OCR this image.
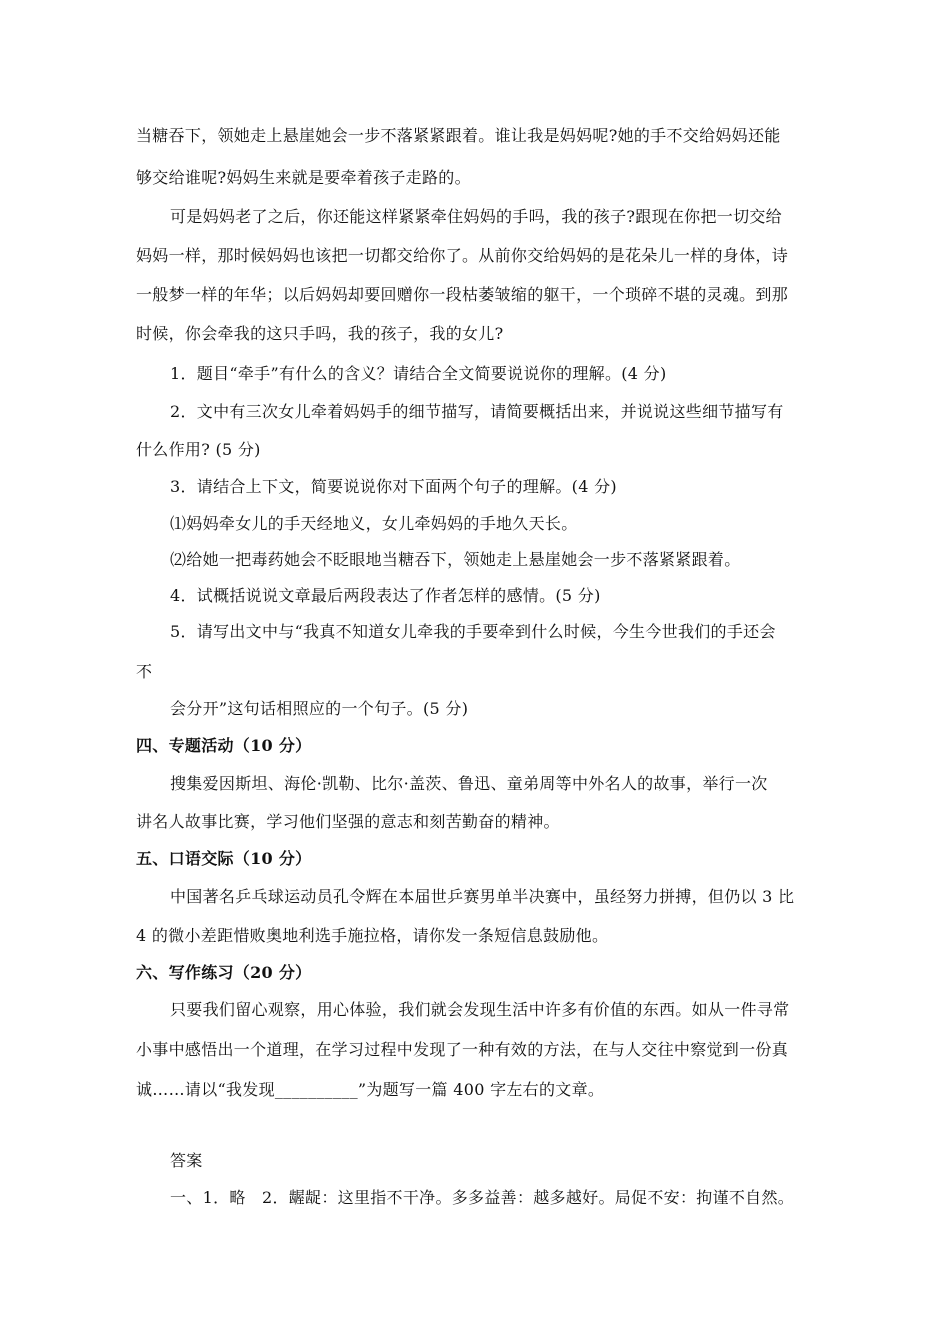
当糖吞下，领她走上悬崖她会一步不落紧紧跟着。谁让我是妈妈呢?她的手不交给妈妈还能
够交给谁呢?妈妈生来就是要牵着孩子走路的。
可是妈妈老了之后，你还能这样紧紧牵住妈妈的手吗，我的孩子?跟现在你把一切交给
妈妈一样，那时候妈妈也该把一切都交给你了。从前你交给妈妈的是花朵儿一样的身体，诗
一般梦一样的年华；以后妈妈却要回赠你一段枯萎皱缩的躯干，一个琐碎不堪的灵魂。到那
时候，你会牵我的这只手吗，我的孩子，我的女儿?
1．题目“牵手”有什么的含义？请结合全文简要说说你的理解。(4 分)
2．文中有三次女儿牵着妈妈手的细节描写，请简要概括出来，并说说这些细节描写有
什么作用? (5 分)
3．请结合上下文，简要说说你对下面两个句子的理解。(4 分)
⑴妈妈牵女儿的手天经地义，女儿牵妈妈的手地久天长。
⑵给她一把毒药她会不眨眼地当糖吞下，领她走上悬崖她会一步不落紧紧跟着。
4．试概括说说文章最后两段表达了作者怎样的感情。(5 分)
5．请写出文中与“我真不知道女儿牵我的手要牵到什么时候，今生今世我们的手还会
不
会分开”这句话相照应的一个句子。(5 分)
四、专题活动（10 分）
搜集爱因斯坦、海伦·凯勒、比尔·盖茨、鲁迅、童弟周等中外名人的故事，举行一次
讲名人故事比赛，学习他们坚强的意志和刻苦勤奋的精神。
五、口语交际（10 分）
中国著名乒乓球运动员孔令辉在本届世乒赛男单半决赛中，虽经努力拼搏，但仍以 3 比
4 的微小差距惜败奥地利选手施拉格，请你发一条短信息鼓励他。
六、写作练习（20 分）
只要我们留心观察，用心体验，我们就会发现生活中许多有价值的东西。如从一件寻常
小事中感悟出一个道理，在学习过程中发现了一种有效的方法，在与人交往中察觉到一份真
诚……请以“我发现__________”为题写一篇 400 字左右的文章。
答案
一、1．略　2．龌龊：这里指不干净。多多益善：越多越好。局促不安：拘谨不自然。
